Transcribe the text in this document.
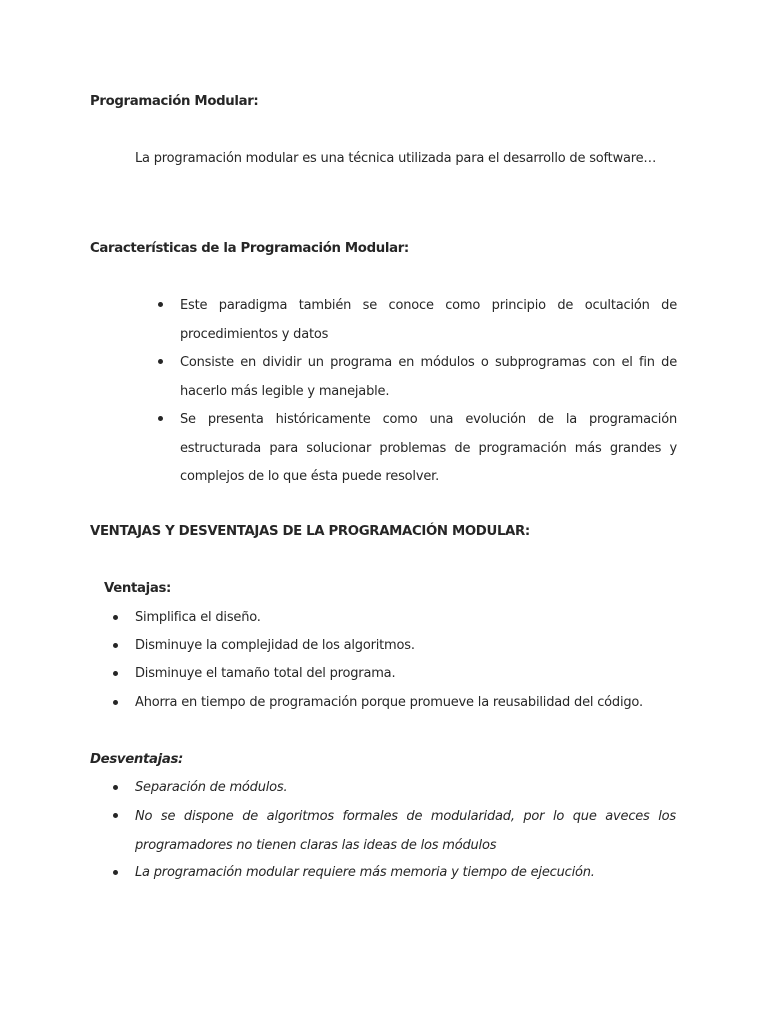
Programación Modular:
La programación modular es una técnica utilizada para el desarrollo de software…
Características de la Programación Modular:
Este paradigma también se conoce como principio de ocultación de procedimientos y datos
Consiste en dividir un programa en módulos o subprogramas con el fin de hacerlo más legible y manejable.
Se presenta históricamente como una evolución de la programación estructurada para solucionar problemas de programación más grandes y complejos de lo que ésta puede resolver.
VENTAJAS Y DESVENTAJAS DE LA PROGRAMACIÓN MODULAR:
Ventajas:
Simplifica el diseño.
Disminuye la complejidad de los algoritmos.
Disminuye el tamaño total del programa.
Ahorra en tiempo de programación porque promueve la reusabilidad del código.
Desventajas:
Separación de módulos.
No se dispone de algoritmos formales de modularidad, por lo que aveces los programadores no tienen claras las ideas de los módulos
La programación modular requiere más memoria y tiempo de ejecución.
